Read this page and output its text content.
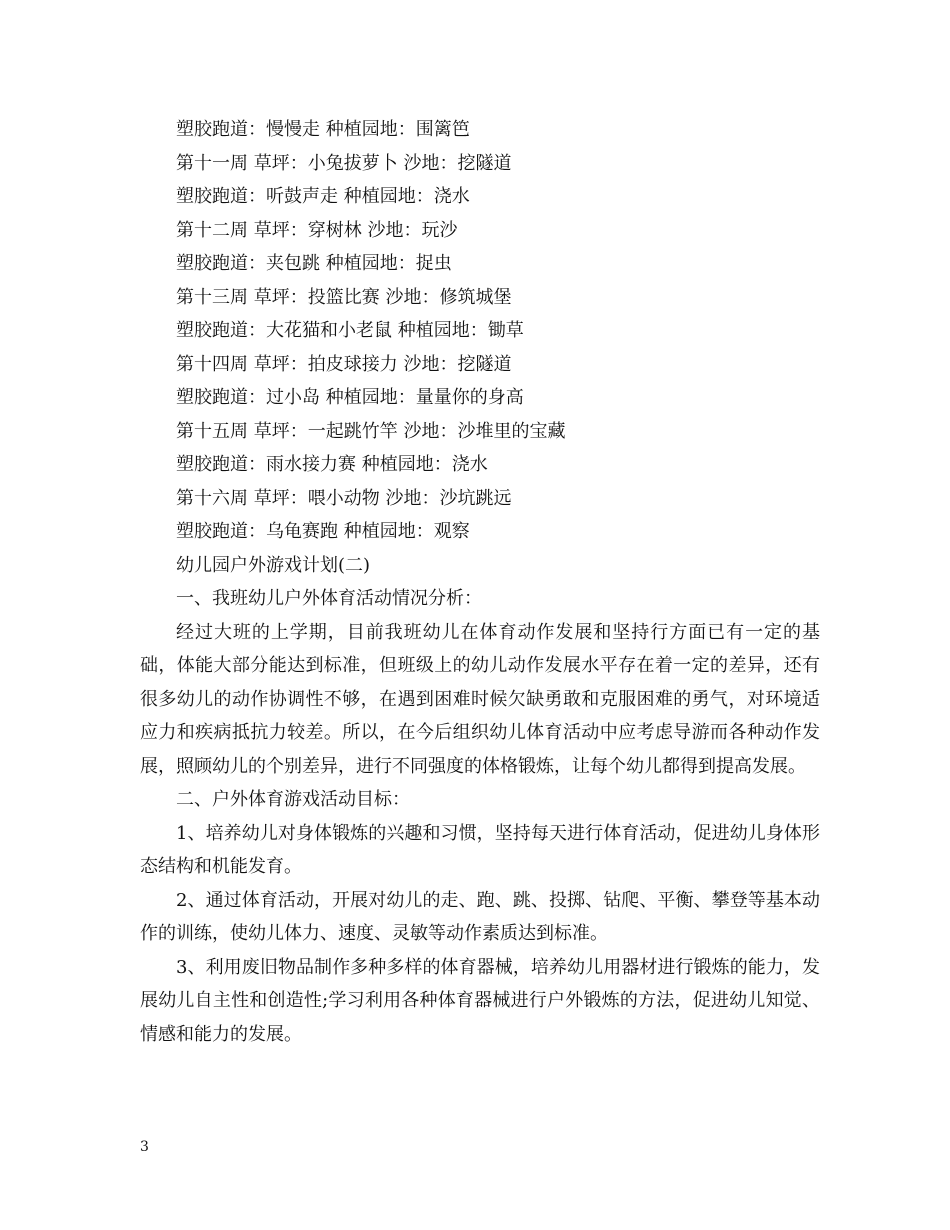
塑胶跑道：慢慢走 种植园地：围篱笆

第十一周 草坪：小兔拔萝卜 沙地：挖隧道

塑胶跑道：听鼓声走 种植园地：浇水

第十二周 草坪：穿树林 沙地：玩沙

塑胶跑道：夹包跳 种植园地：捉虫

第十三周 草坪：投篮比赛 沙地：修筑城堡

塑胶跑道：大花猫和小老鼠 种植园地：锄草

第十四周 草坪：拍皮球接力 沙地：挖隧道

塑胶跑道：过小岛 种植园地：量量你的身高

第十五周 草坪：一起跳竹竿 沙地：沙堆里的宝藏

塑胶跑道：雨水接力赛 种植园地：浇水

第十六周 草坪：喂小动物 沙地：沙坑跳远

塑胶跑道：乌龟赛跑 种植园地：观察

幼儿园户外游戏计划(二)

一、我班幼儿户外体育活动情况分析：

经过大班的上学期，目前我班幼儿在体育动作发展和坚持行方面已有一定的基础，体能大部分能达到标准，但班级上的幼儿动作发展水平存在着一定的差异，还有很多幼儿的动作协调性不够，在遇到困难时候欠缺勇敢和克服困难的勇气，对环境适应力和疾病抵抗力较差。所以，在今后组织幼儿体育活动中应考虑导游而各种动作发展，照顾幼儿的个别差异，进行不同强度的体格锻炼，让每个幼儿都得到提高发展。

二、户外体育游戏活动目标：

1、培养幼儿对身体锻炼的兴趣和习惯，坚持每天进行体育活动，促进幼儿身体形态结构和机能发育。

2、通过体育活动，开展对幼儿的走、跑、跳、投掷、钻爬、平衡、攀登等基本动作的训练，使幼儿体力、速度、灵敏等动作素质达到标准。

3、利用废旧物品制作多种多样的体育器械，培养幼儿用器材进行锻炼的能力，发展幼儿自主性和创造性;学习利用各种体育器械进行户外锻炼的方法，促进幼儿知觉、情感和能力的发展。

3
